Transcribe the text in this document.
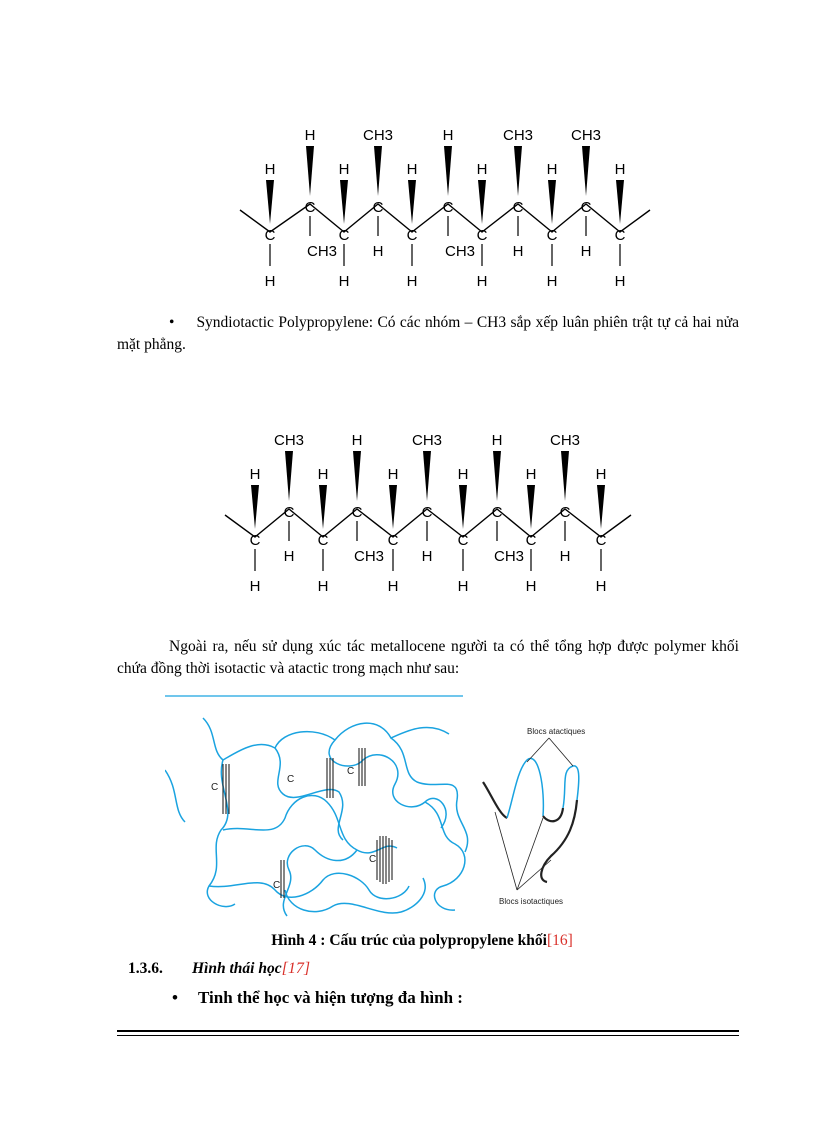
H	CH3	H	CH3	CH3
H	H	H	H	H	H
C
C
C
C
C
C
C
C
C
C
C
CH3 H	CH3	H	H
H	H	H	H	H	H
• Syndiotactic Polypropylene: Có các nhóm – CH3 sắp xếp luân phiên trật tự cả hai nửa mặt phẳng.
CH3	H	CH3	H	CH3
H	H	H	H	H	H
C
C
C
C
C
C
C
C
C
C
C
H	CH3	H	CH3 H
H	H	H	H	H	H
Ngoài ra, nếu sử dụng xúc tác metallocene người ta có thể tổng hợp được polymer khối chứa đồng thời isotactic và atactic trong mạch như sau:
C
C
C
C
C
Blocs atactiques
Blocs isotactiques
Hình 4 : Cấu trúc của polypropylene khối[16]
1.3.6. Hình thái học[17]
• Tinh thể học và hiện tượng đa hình :
